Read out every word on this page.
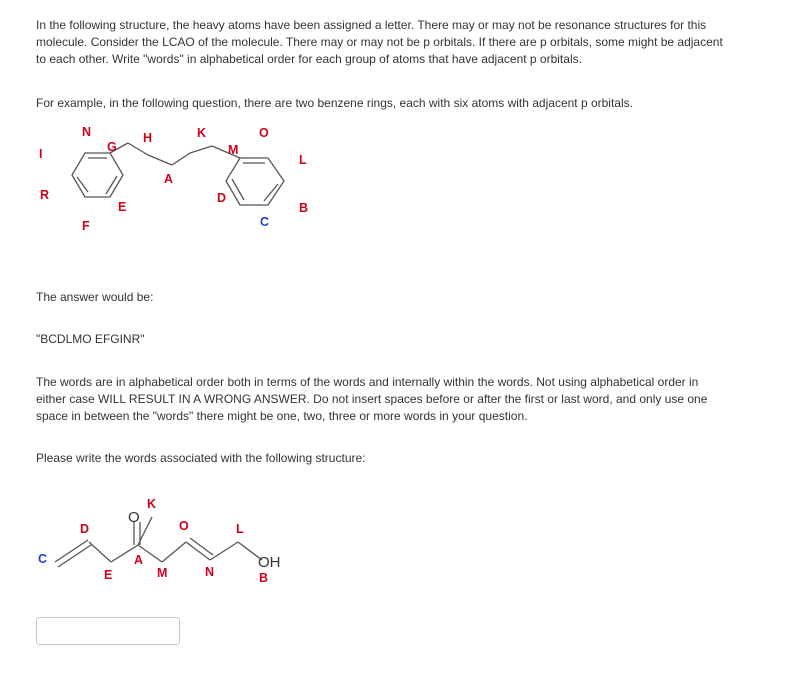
In the following structure, the heavy atoms have been assigned a letter. There may or may not be resonance structures for this molecule. Consider the LCAO of the molecule. There may or may not be p orbitals. If there are p orbitals, some might be adjacent to each other. Write "words" in alphabetical order for each group of atoms that have adjacent p orbitals.

For example, in the following question, there are two benzene rings, each with six atoms with adjacent p orbitals.

N
G
H	K	O
M
I	L
A
R
E
D
B
F	C

The answer would be:

"BCDLMO EFGINR"

The words are in alphabetical order both in terms of the words and internally within the words. Not using alphabetical order in either case WILL RESULT IN A WRONG ANSWER. Do not insert spaces before or after the first or last word, and only use one space in between the "words" there might be one, two, three or more words in your question.

Please write the words associated with the following structure:

K
O
D	O	L
C	A
M
E	N
OH
B
